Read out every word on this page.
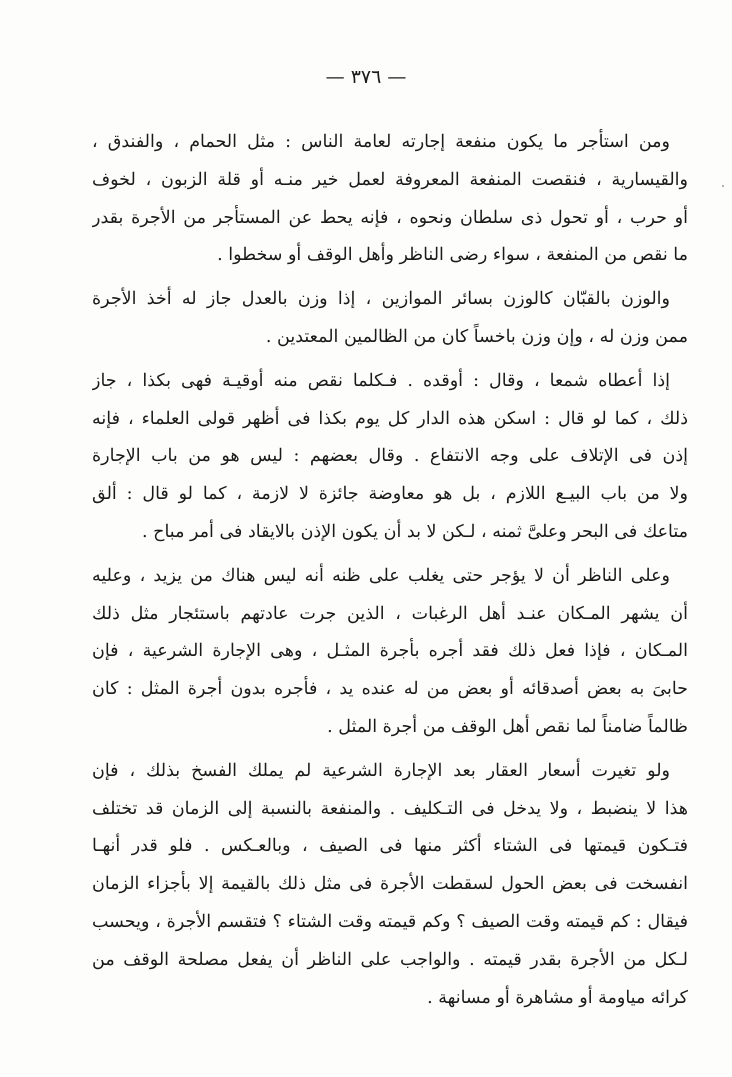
— ٣٧٦ —
ومن استأجر ما يكون منفعة إجارته لعامة الناس : مثل الحمام ، والفندق ،
والقيسارية ، فنقصت المنفعة المعروفة لعمل خير منـه أو قلة الزبون ، لخوف
أو حرب ، أو تحول ذى سلطان ونحوه ، فإنه يحط عن المستأجر من الأجرة بقدر
ما نقص من المنفعة ، سواء رضى الناظر وأهل الوقف أو سخطوا .
والوزن بالقبّان كالوزن بسائر الموازين ، إذا وزن بالعدل جاز له أخذ الأجرة
ممن وزن له ، وإن وزن باخساً كان من الظالمين المعتدين .
إذا أعطاه شمعا ، وقال : أوقده . فـكلما نقص منه أوقيـة فهى بكذا ، جاز
ذلك ، كما لو قال : اسكن هذه الدار كل يوم بكذا فى أظهر قولى العلماء ، فإنه
إذن فى الإتلاف على وجه الانتفاع . وقال بعضهم : ليس هو من باب الإجارة
ولا من باب البيـع اللازم ، بل هو معاوضة جائزة لا لازمة ، كما لو قال : ألق
متاعك فى البحر وعلىَّ ثمنه ، لـكن لا بد أن يكون الإذن بالايقاد فى أمر مباح .
وعلى الناظر أن لا يؤجر حتى يغلب على ظنه أنه ليس هناك من يزيد ، وعليه
أن يشهر المـكان عنـد أهل الرغبات ، الذين جرت عادتهم باستئجار مثل ذلك
المـكان ، فإذا فعل ذلك فقد أجره بأجرة المثـل ، وهى الإجارة الشرعية ، فإن
حابىَ به بعض أصدقائه أو بعض من له عنده يد ، فأجره بدون أجرة المثل : كان
ظالماً ضامناً لما نقص أهل الوقف من أجرة المثل .
ولو تغيرت أسعار العقار بعد الإجارة الشرعية لم يملك الفسخ بذلك ، فإن
هذا لا ينضبط ، ولا يدخل فى التـكليف . والمنفعة بالنسبة إلى الزمان قد تختلف
فتـكون قيمتها فى الشتاء أكثر منها فى الصيف ، وبالعـكس . فلو قدر أنهـا
انفسخت فى بعض الحول لسقطت الأجرة فى مثل ذلك بالقيمة إلا بأجزاء الزمان
فيقال : كم قيمته وقت الصيف ؟ وكم قيمته وقت الشتاء ؟ فتقسم الأجرة ، ويحسب
لـكل من الأجرة بقدر قيمته . والواجب على الناظر أن يفعل مصلحة الوقف من
كرائه مياومة أو مشاهرة أو مسانهة .
